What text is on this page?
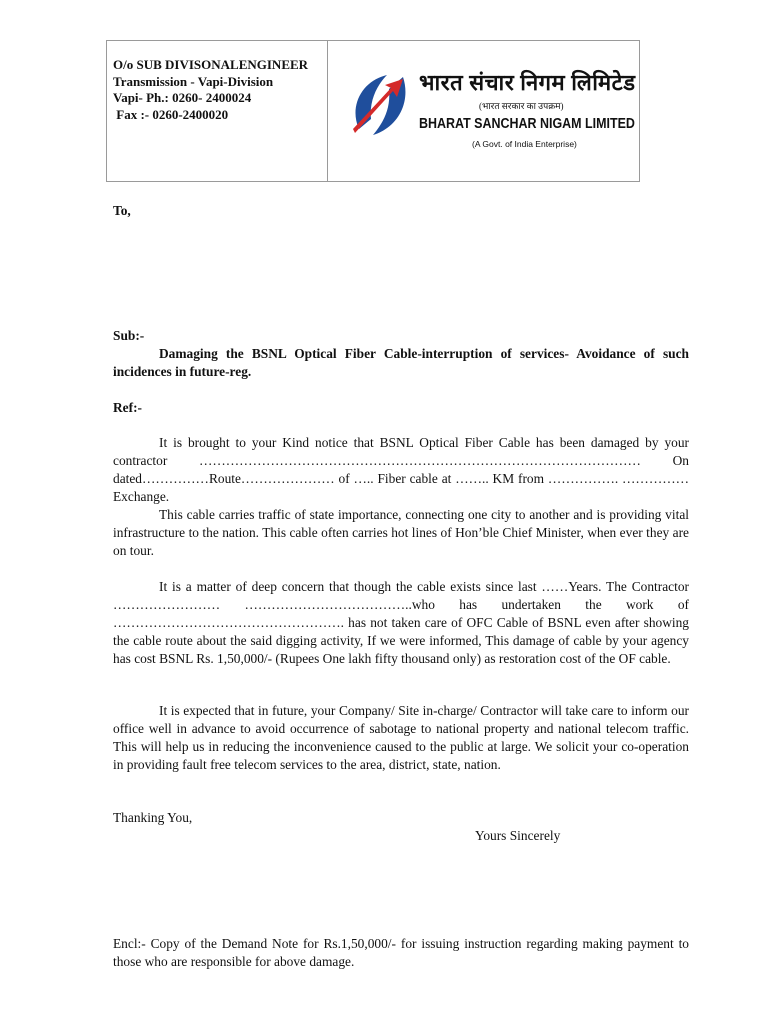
O/o SUB DIVISONALENGINEER
Transmission - Vapi-Division
Vapi- Ph.: 0260- 2400024
Fax :- 0260-2400020
भारत संचार निगम लिमिटेड
(भारत सरकार का उपक्रम)
BHARAT SANCHAR NIGAM LIMITED
(A Govt. of India Enterprise)
To,
Sub:-
Damaging the BSNL Optical Fiber Cable-interruption of services- Avoidance of such incidences in future-reg.
Ref:-

It is brought to your Kind notice that BSNL Optical Fiber Cable has been damaged by your contractor ……………………………………………………………………………………… On dated……………Route………………… of ….. Fiber cable at …….. KM from ……………. ……………Exchange.

This cable carries traffic of state importance, connecting one city to another and is providing vital infrastructure to the nation. This cable often carries hot lines of Hon’ble Chief Minister, when ever they are on tour.

It is a matter of deep concern that though the cable exists since last ……Years. The Contractor …………………… ………………………………..who has undertaken the work of ……………………………………………. has not taken care of OFC Cable of BSNL even after showing the cable route about the said digging activity, If we were informed, This damage of cable by your agency has cost BSNL Rs. 1,50,000/- (Rupees One lakh fifty thousand only) as restoration cost of the OF cable.
It is expected that in future, your Company/ Site in-charge/ Contractor will take care to inform our office well in advance to avoid occurrence of sabotage to national property and national telecom traffic. This will help us in reducing the inconvenience caused to the public at large. We solicit your co-operation in providing fault free telecom services to the area, district, state, nation.
Thanking You,
Yours Sincerely
Encl:- Copy of the Demand Note for Rs.1,50,000/- for issuing instruction regarding making payment to those who are responsible for above damage.
